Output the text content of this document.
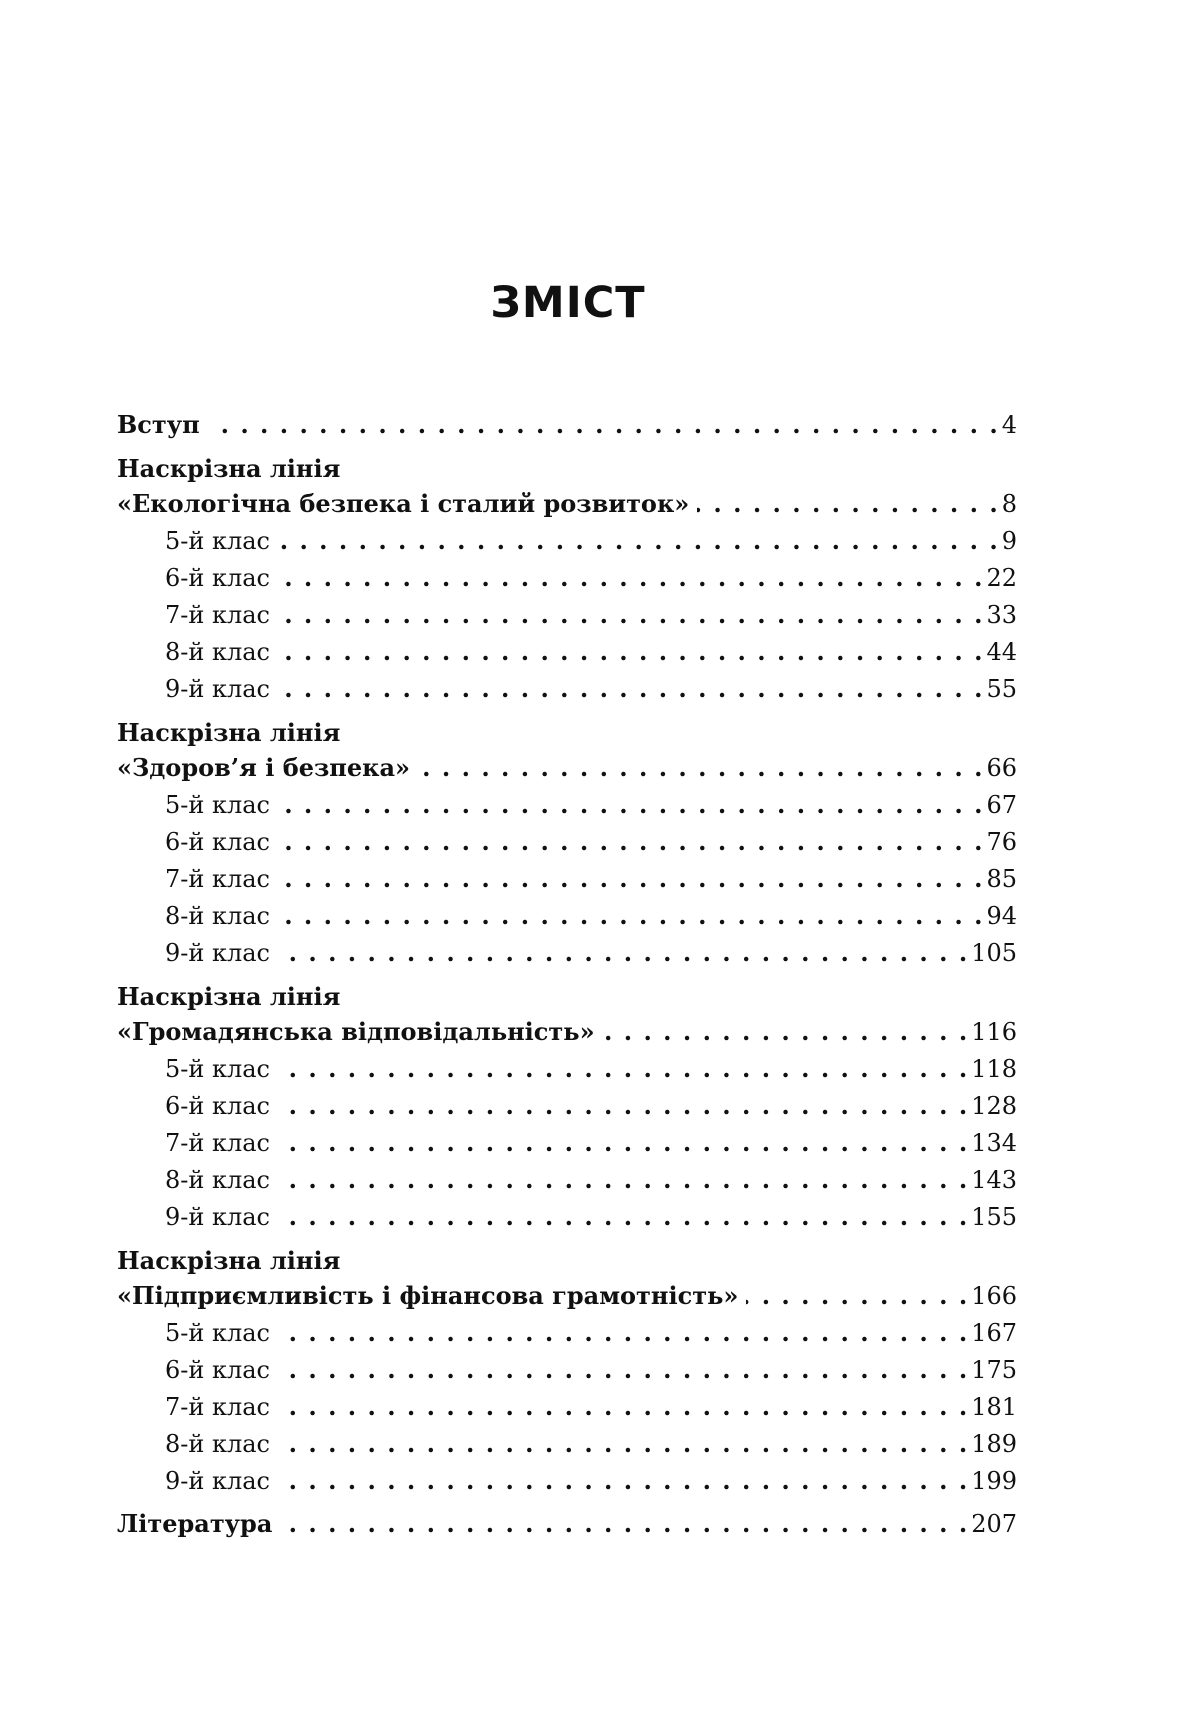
ЗМІСТ
Вступ . . .	4
Наскрізна лінія
«Екологічна безпека і сталий розвиток» . . .	8
5-й клас . . .	9
6-й клас . . .	22
7-й клас . . .	33
8-й клас . . .	44
9-й клас . . .	55
Наскрізна лінія
«Здоров’я і безпека» . . .	66
5-й клас . . .	67
6-й клас . . .	76
7-й клас . . .	85
8-й клас . . .	94
9-й клас . . .	105
Наскрізна лінія
«Громадянська відповідальність» . . .	116
5-й клас . . .	118
6-й клас . . .	128
7-й клас . . .	134
8-й клас . . .	143
9-й клас . . .	155
Наскрізна лінія
«Підприємливість і фінансова грамотність» . . .	166
5-й клас . . .	167
6-й клас . . .	175
7-й клас . . .	181
8-й клас . . .	189
9-й клас . . .	199
Література . . .	207
